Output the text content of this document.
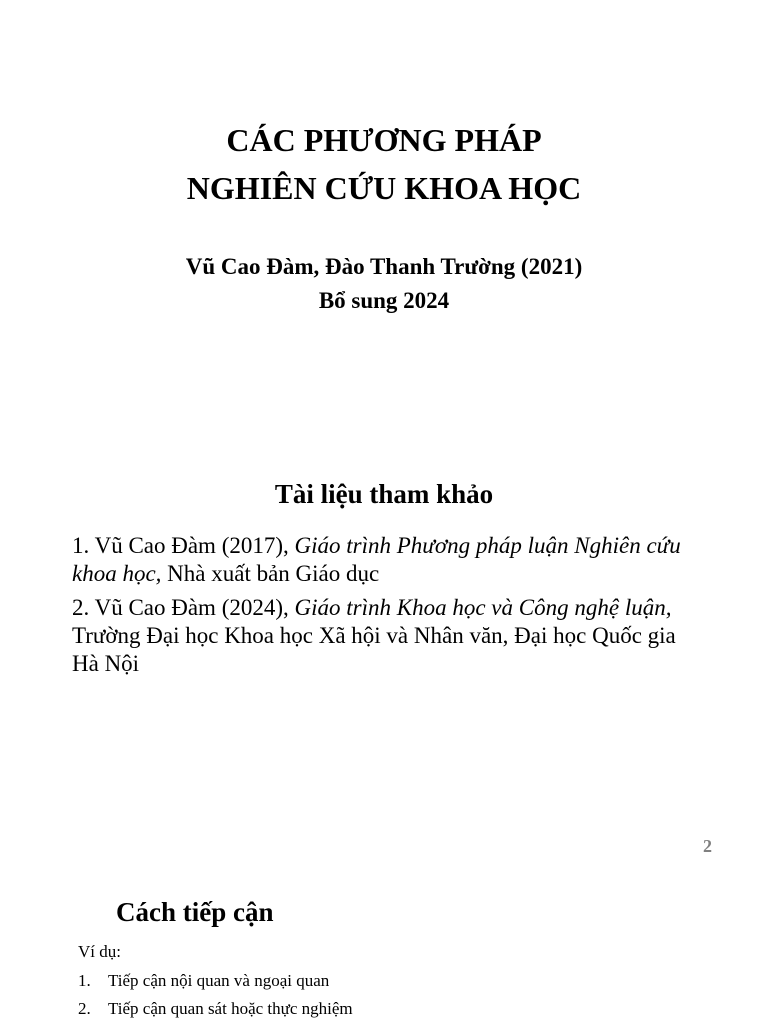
CÁC PHƯƠNG PHÁP
NGHIÊN CỨU KHOA HỌC
Vũ Cao Đàm, Đào Thanh Trường (2021)
Bổ sung 2024
Tài liệu tham khảo
1. Vũ Cao Đàm (2017), Giáo trình Phương pháp luận Nghiên cứu khoa học, Nhà xuất bản Giáo dục
2. Vũ Cao Đàm (2024), Giáo trình Khoa học và Công nghệ luận, Trường Đại học Khoa học Xã hội và Nhân văn, Đại học Quốc gia Hà Nội
2
Cách tiếp cận
Ví dụ:
1.	Tiếp cận nội quan và ngoại quan
2.	Tiếp cận quan sát hoặc thực nghiệm
